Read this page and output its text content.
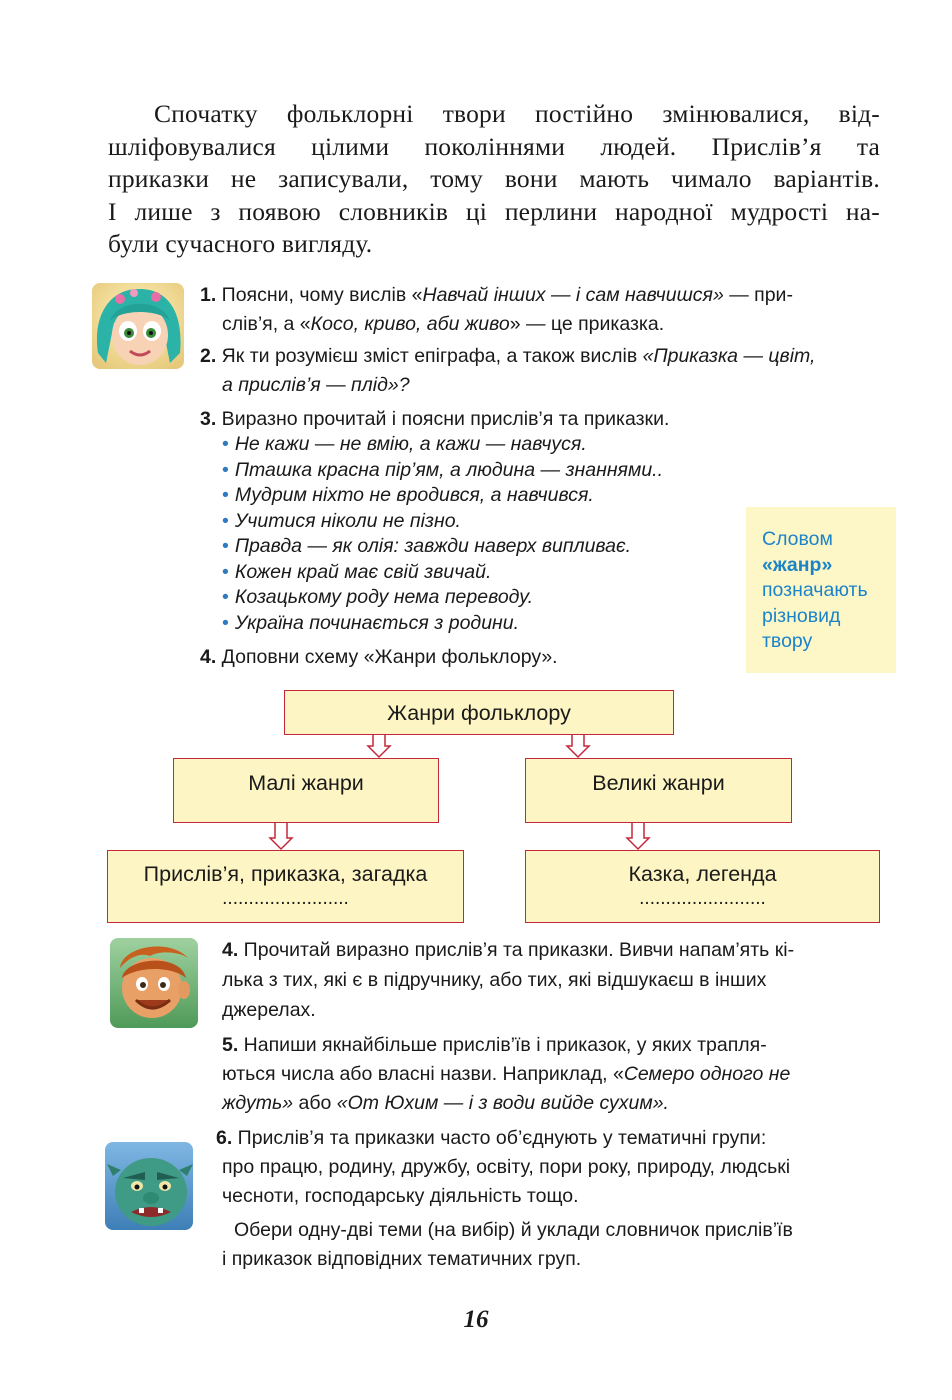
Спочатку фольклорні твори постійно змінювалися, від-
шліфовувалися цілими поколіннями людей. Прислів’я та
приказки не записували, тому вони мають чимало варіантів.
І лише з появою словників ці перлини народної мудрості на-
були сучасного вигляду.
1. Поясни, чому вислів «Навчай інших — і сам навчишся» — при-
слів’я, а «Косо, криво, аби живо» — це приказка.
2. Як ти розумієш зміст епіграфа, а також вислів «Приказка — цвіт,
а прислів’я — плід»?
3. Виразно прочитай і поясни прислів’я та приказки.
• Не кажи — не вмію, а кажи — навчуся.
• Пташка красна пір’ям, а людина — знаннями..
• Мудрим ніхто не вродився, а навчився.
• Учитися ніколи не пізно.
• Правда — як олія: завжди наверх випливає.
• Кожен край має свій звичай.
• Козацькому роду нема переводу.
• Україна починається з родини.
Словом
«жанр»
позначають
різновид
твору
4. Доповни схему «Жанри фольклору».
Жанри фольклору
Малі жанри	Великі жанри
Прислів’я, приказка, загадка
........................
Казка, легенда
........................
4. Прочитай виразно прислів’я та приказки. Вивчи напам’ять кі-
лька з тих, які є в підручнику, або тих, які відшукаєш в інших
джерелах.
5. Напиши якнайбільше прислів’їв і приказок, у яких трапля-
ються числа або власні назви. Наприклад, «Семеро одного не
ждуть» або «От Юхим — і з води вийде сухим».
6. Прислів’я та приказки часто об’єднують у тематичні групи:
про працю, родину, дружбу, освіту, пори року, природу, людські
чесноти, господарську діяльність тощо.
Обери одну-дві теми (на вибір) й уклади словничок прислів’їв
і приказок відповідних тематичних груп.
16
